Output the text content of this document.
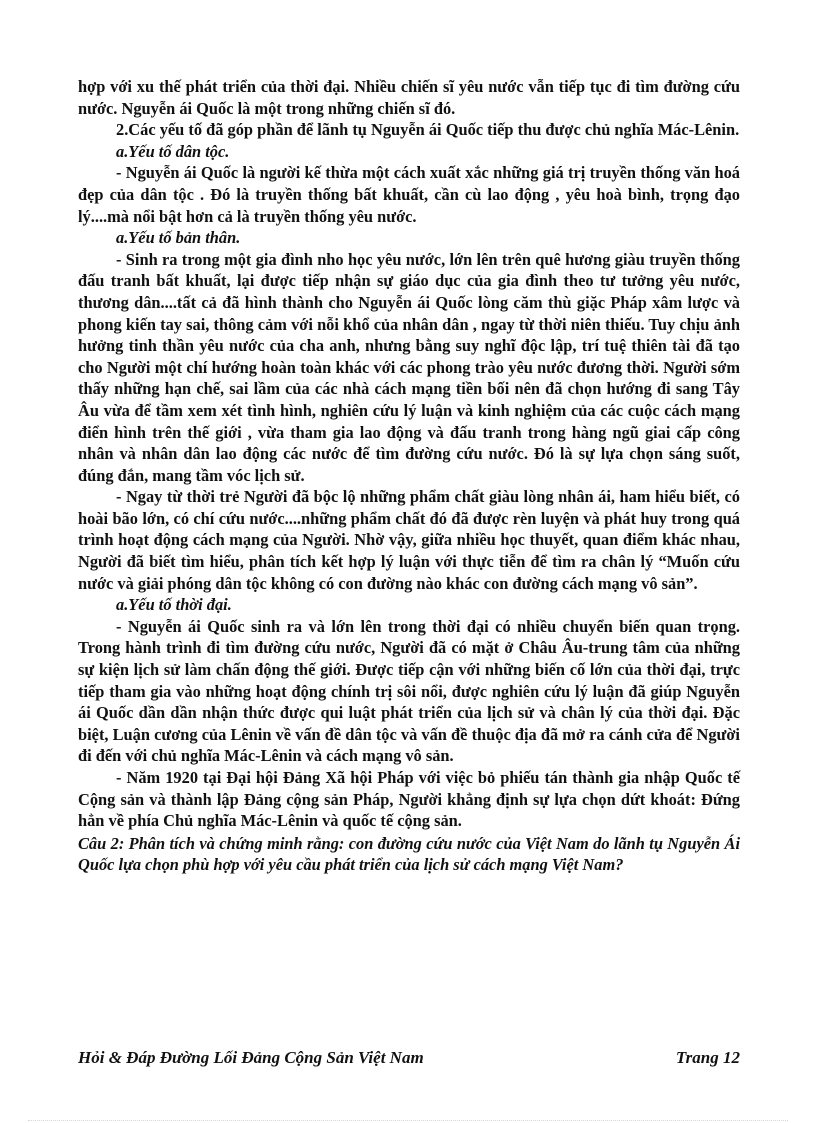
hợp với xu thế phát triển của thời đại. Nhiều chiến sĩ yêu nước vẫn tiếp tục đi tìm đường cứu nước. Nguyễn ái Quốc là một trong những chiến sĩ đó.

2.Các yếu tố đã góp phần để lãnh tụ Nguyễn ái Quốc tiếp thu được chủ nghĩa Mác-Lênin.

a.Yếu tố dân tộc.

- Nguyễn ái Quốc là người kế thừa một cách xuất xắc những giá trị truyền thống văn hoá đẹp của dân tộc . Đó là truyền thống bất khuất, cần cù lao động , yêu hoà bình, trọng đạo lý....mà nổi bật hơn cả là truyền thống yêu nước.

a.Yếu tố bản thân.

- Sinh ra trong một gia đình nho học yêu nước, lớn lên trên quê hương giàu truyền thống đấu tranh bất khuất, lại được tiếp nhận sự giáo dục của gia đình theo tư tưởng yêu nước, thương dân....tất cả đã hình thành cho Nguyễn ái Quốc lòng căm thù giặc Pháp xâm lược và phong kiến tay sai, thông cảm với nỗi khổ của nhân dân , ngay từ thời niên thiếu. Tuy chịu ảnh hưởng tinh thần yêu nước của cha anh, nhưng bằng suy nghĩ độc lập, trí tuệ thiên tài đã tạo cho Người một chí hướng hoàn toàn khác với các phong trào yêu nước đương thời. Người sớm thấy những hạn chế, sai lầm của các nhà cách mạng tiền bối nên đã chọn hướng đi sang Tây Âu vừa để tầm xem xét tình hình, nghiên cứu lý luận và kinh nghiệm của các cuộc cách mạng điển hình trên thế giới , vừa tham gia lao động và đấu tranh trong hàng ngũ giai cấp công nhân và nhân dân lao động các nước để tìm đường cứu nước. Đó là sự lựa chọn sáng suốt, đúng đắn, mang tầm vóc lịch sử.

- Ngay từ thời trẻ Người đã bộc lộ những phẩm chất giàu lòng nhân ái, ham hiểu biết, có hoài bão lớn, có chí cứu nước....những phẩm chất đó đã được rèn luyện và phát huy trong quá trình hoạt động cách mạng của Người. Nhờ vậy, giữa nhiều học thuyết, quan điểm khác nhau, Người đã biết tìm hiểu, phân tích kết hợp lý luận với thực tiễn để tìm ra chân lý “Muốn cứu nước và giải phóng dân tộc không có con đường nào khác con đường cách mạng vô sản”.

a.Yếu tố thời đại.

- Nguyễn ái Quốc sinh ra và lớn lên trong thời đại có nhiều chuyển biến quan trọng. Trong hành trình đi tìm đường cứu nước, Người đã có mặt ở Châu Âu-trung tâm của những sự kiện lịch sử làm chấn động thế giới. Được tiếp cận với những biến cố lớn của thời đại, trực tiếp tham gia vào những hoạt động chính trị sôi nổi, được nghiên cứu lý luận đã giúp Nguyễn ái Quốc dần dần nhận thức được qui luật phát triển của lịch sử và chân lý của thời đại. Đặc biệt, Luận cương của Lênin về vấn đề dân tộc và vấn đề thuộc địa đã mở ra cánh cửa để Người đi đến với chủ nghĩa Mác-Lênin và cách mạng vô sản.

- Năm 1920 tại Đại hội Đảng Xã hội Pháp với việc bỏ phiếu tán thành gia nhập Quốc tế Cộng sản và thành lập Đảng cộng sản Pháp, Người khẳng định sự lựa chọn dứt khoát: Đứng hẳn về phía Chủ nghĩa Mác-Lênin và quốc tế cộng sản.

Câu 2: Phân tích và chứng minh rằng: con đường cứu nước của Việt Nam do lãnh tụ Nguyễn Ái Quốc lựa chọn phù hợp với yêu cầu phát triển của lịch sử cách mạng Việt Nam?

Hỏi & Đáp Đường Lối Đảng Cộng Sản Việt Nam	Trang 12
